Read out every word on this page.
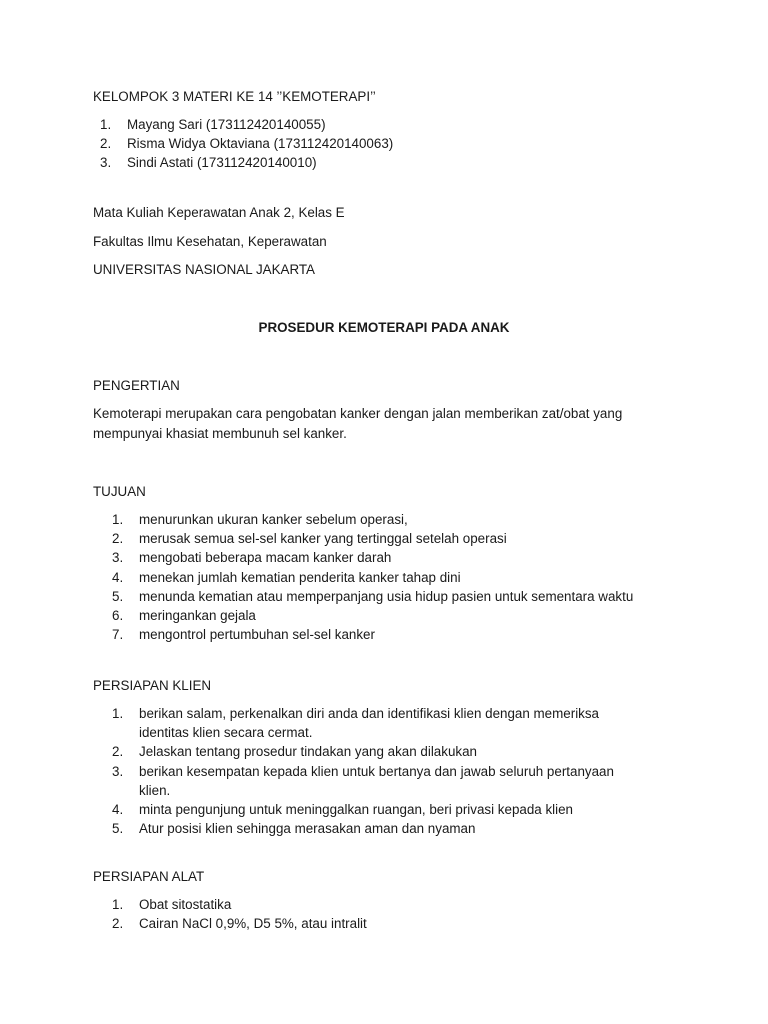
KELOMPOK 3 MATERI KE 14 ’’KEMOTERAPI’’
1.	Mayang Sari (173112420140055)
2.	Risma Widya Oktaviana (173112420140063)
3.	Sindi Astati (173112420140010)
Mata Kuliah Keperawatan Anak 2, Kelas E
Fakultas Ilmu Kesehatan, Keperawatan
UNIVERSITAS NASIONAL JAKARTA
PROSEDUR KEMOTERAPI PADA ANAK
PENGERTIAN
Kemoterapi merupakan cara pengobatan kanker dengan jalan memberikan zat/obat yang
mempunyai khasiat membunuh sel kanker.
TUJUAN
1.	menurunkan ukuran kanker sebelum operasi,
2.	merusak semua sel-sel kanker yang tertinggal setelah operasi
3.	mengobati beberapa macam kanker darah
4.	menekan jumlah kematian penderita kanker tahap dini
5.	menunda kematian atau memperpanjang usia hidup pasien untuk sementara waktu
6.	meringankan gejala
7.	mengontrol pertumbuhan sel-sel kanker
PERSIAPAN KLIEN
1.	berikan salam, perkenalkan diri anda dan identifikasi klien dengan memeriksa identitas klien secara cermat.
2.	Jelaskan tentang prosedur tindakan yang akan dilakukan
3.	berikan kesempatan kepada klien untuk bertanya dan jawab seluruh pertanyaan klien.
4.	minta pengunjung untuk meninggalkan ruangan, beri privasi kepada klien
5.	Atur posisi klien sehingga merasakan aman dan nyaman
PERSIAPAN ALAT
1.	Obat sitostatika
2.	Cairan NaCl 0,9%, D5 5%, atau intralit
